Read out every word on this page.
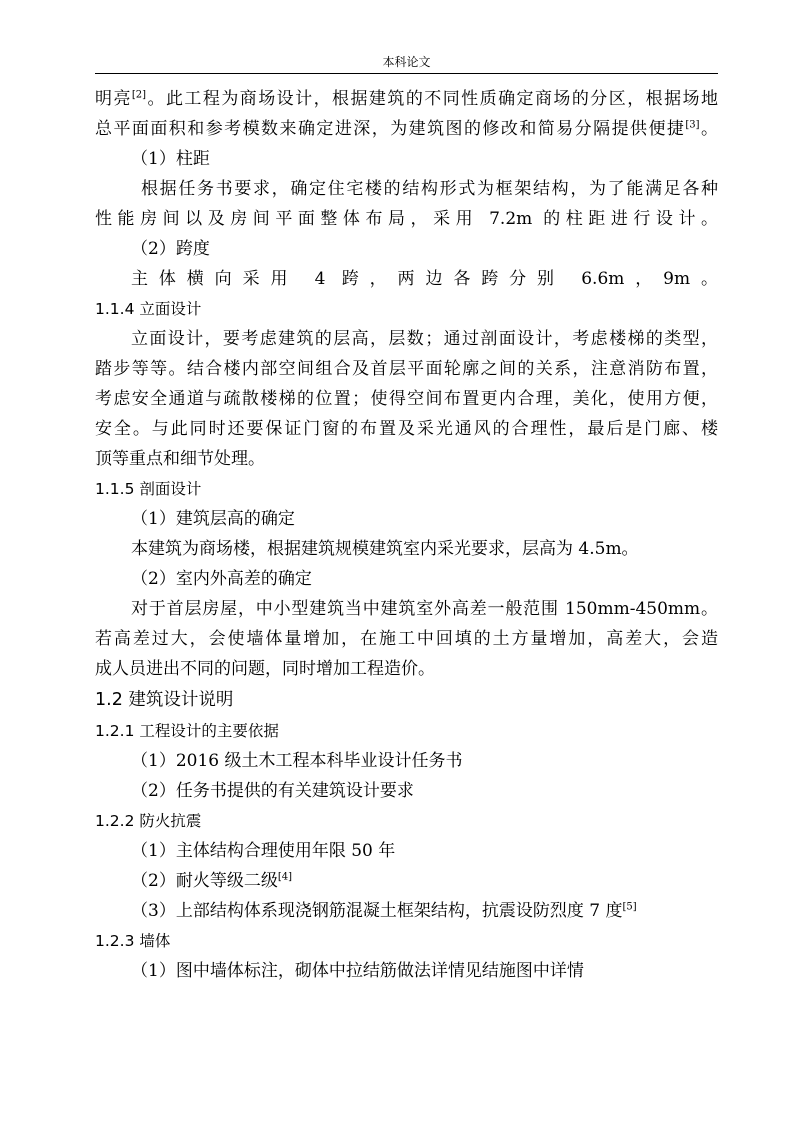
本科论文
明亮[2]。此工程为商场设计，根据建筑的不同性质确定商场的分区，根据场地
总平面面积和参考模数来确定进深，为建筑图的修改和简易分隔提供便捷[3]。
（1）柱距
根据任务书要求，确定住宅楼的结构形式为框架结构，为了能满足各种
性能房间以及房间平面整体布局，采用 7.2m 的柱距进行设计。
（2）跨度
主体横向采用 4 跨，两边各跨分别 6.6m，9m。
1.1.4 立面设计
立面设计，要考虑建筑的层高，层数；通过剖面设计，考虑楼梯的类型，
踏步等等。结合楼内部空间组合及首层平面轮廓之间的关系，注意消防布置，
考虑安全通道与疏散楼梯的位置；使得空间布置更内合理，美化，使用方便，
安全。与此同时还要保证门窗的布置及采光通风的合理性，最后是门廊、楼
顶等重点和细节处理。
1.1.5 剖面设计
（1）建筑层高的确定
本建筑为商场楼，根据建筑规模建筑室内采光要求，层高为 4.5m。
（2）室内外高差的确定
对于首层房屋，中小型建筑当中建筑室外高差一般范围 150mm-450mm。
若高差过大，会使墙体量增加，在施工中回填的土方量增加，高差大，会造
成人员进出不同的问题，同时增加工程造价。
1.2 建筑设计说明
1.2.1 工程设计的主要依据
（1）2016 级土木工程本科毕业设计任务书
（2）任务书提供的有关建筑设计要求
1.2.2 防火抗震
（1）主体结构合理使用年限 50 年
（2）耐火等级二级[4]
（3）上部结构体系现浇钢筋混凝土框架结构，抗震设防烈度 7 度[5]
1.2.3 墙体
（1）图中墙体标注，砌体中拉结筋做法详情见结施图中详情
